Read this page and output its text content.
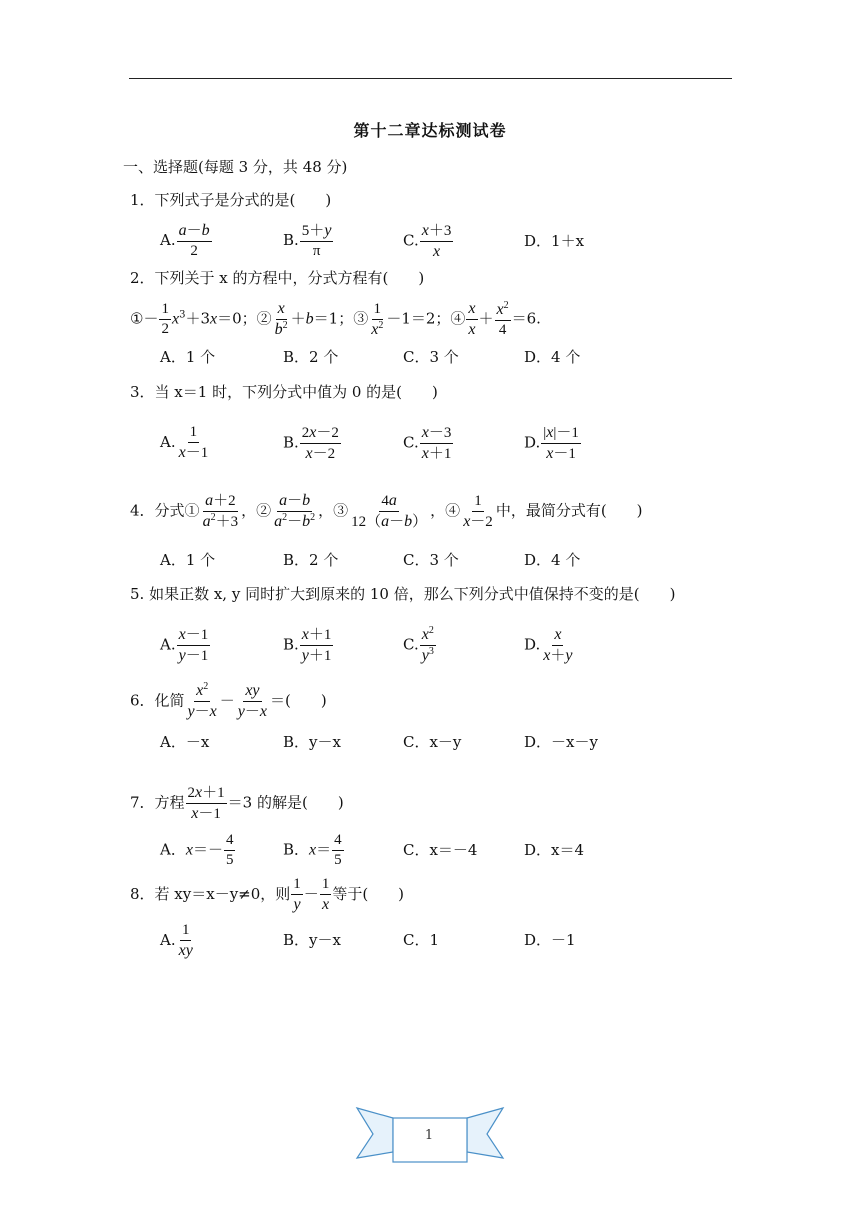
第十二章达标测试卷
一、选择题(每题 3 分，共 48 分)
1．下列式子是分式的是(　　)
A. $\frac{a-b}{2}$	B. $\frac{5+y}{\pi}$	C. $\frac{x+3}{x}$	D．1＋x
2．下列关于 x 的方程中，分式方程有(　　)
①－ $\frac{1}{2} x^3+3x=0$；② $\frac{x}{b^2} +b=1$；③ $\frac{1}{x^2} -1=2$；④ $\frac{x}{x} + \frac{x^2}{4} =6$.
A．1 个	B．2 个	C．3 个	D．4 个
3．当 x＝1 时，下列分式中值为 0 的是(　　)
A. $\frac{1}{x-1}$	B. $\frac{2x-2}{x-2}$	C. $\frac{x-3}{x+1}$	D. $\frac{|x|-1}{x-1}$
4．分式① $\frac{a+2}{a^2+3}$ ，② $\frac{a-b}{a^2-b^2}$ ，③ $\frac{4a}{12(a-b)}$ ，④ $\frac{1}{x-2}$ 中，最简分式有(　　)
A．1 个	B．2 个	C．3 个	D．4 个
5. 如果正数 x, y 同时扩大到原来的 10 倍，那么下列分式中值保持不变的是(　　)
A. $\frac{x-1}{y-1}$	B. $\frac{x+1}{y+1}$	C. $\frac{x^2}{y^3}$	D. $\frac{x}{x+y}$
6．化简 $\frac{x^2}{y-x} - \frac{xy}{y-x}$ ＝(　　)
A．－x	B．y－x	C．x－y	D．－x－y
7．方程 $\frac{2x+1}{x-1} =3$ 的解是(　　)
A．$x=- \frac{4}{5}$	B．$x= \frac{4}{5}$	C．x＝－4	D．x＝4
8．若 xy＝x－y≠0，则 $\frac{1}{y} - \frac{1}{x}$ 等于(　　)
A. $\frac{1}{xy}$	B．y－x	C．1	D．－1
1
